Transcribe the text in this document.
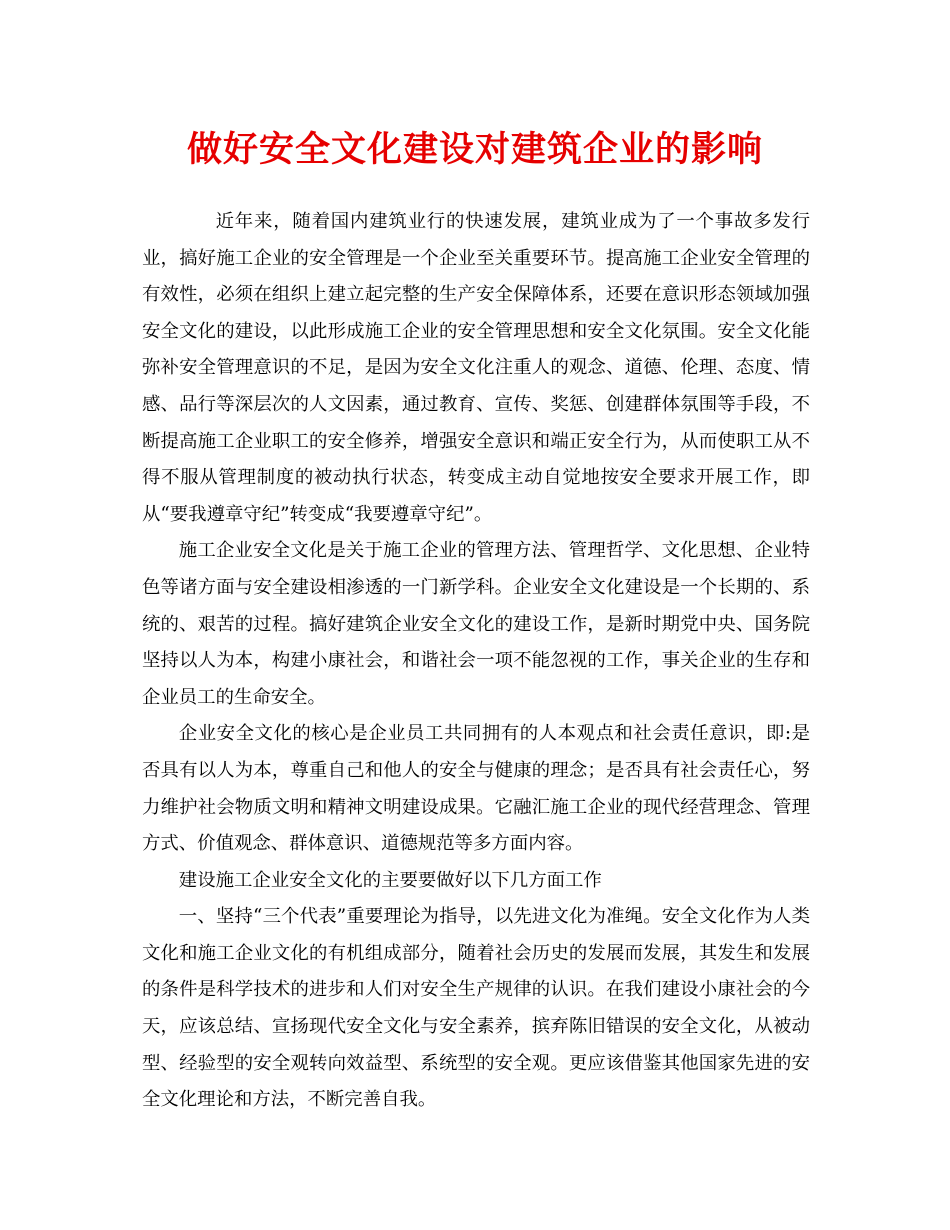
做好安全文化建设对建筑企业的影响

近年来，随着国内建筑业行的快速发展，建筑业成为了一个事故多发行业，搞好施工企业的安全管理是一个企业至关重要环节。提高施工企业安全管理的有效性，必须在组织上建立起完整的生产安全保障体系，还要在意识形态领域加强安全文化的建设，以此形成施工企业的安全管理思想和安全文化氛围。安全文化能弥补安全管理意识的不足，是因为安全文化注重人的观念、道德、伦理、态度、情感、品行等深层次的人文因素，通过教育、宣传、奖惩、创建群体氛围等手段，不断提高施工企业职工的安全修养，增强安全意识和端正安全行为，从而使职工从不得不服从管理制度的被动执行状态，转变成主动自觉地按安全要求开展工作，即从“要我遵章守纪”转变成“我要遵章守纪”。

施工企业安全文化是关于施工企业的管理方法、管理哲学、文化思想、企业特色等诸方面与安全建设相渗透的一门新学科。企业安全文化建设是一个长期的、系统的、艰苦的过程。搞好建筑企业安全文化的建设工作，是新时期党中央、国务院坚持以人为本，构建小康社会，和谐社会一项不能忽视的工作，事关企业的生存和企业员工的生命安全。

企业安全文化的核心是企业员工共同拥有的人本观点和社会责任意识，即:是否具有以人为本，尊重自己和他人的安全与健康的理念；是否具有社会责任心，努力维护社会物质文明和精神文明建设成果。它融汇施工企业的现代经营理念、管理方式、价值观念、群体意识、道德规范等多方面内容。

建设施工企业安全文化的主要要做好以下几方面工作

一、坚持“三个代表”重要理论为指导，以先进文化为准绳。安全文化作为人类文化和施工企业文化的有机组成部分，随着社会历史的发展而发展，其发生和发展的条件是科学技术的进步和人们对安全生产规律的认识。在我们建设小康社会的今天，应该总结、宣扬现代安全文化与安全素养，摈弃陈旧错误的安全文化，从被动型、经验型的安全观转向效益型、系统型的安全观。更应该借鉴其他国家先进的安全文化理论和方法，不断完善自我。
